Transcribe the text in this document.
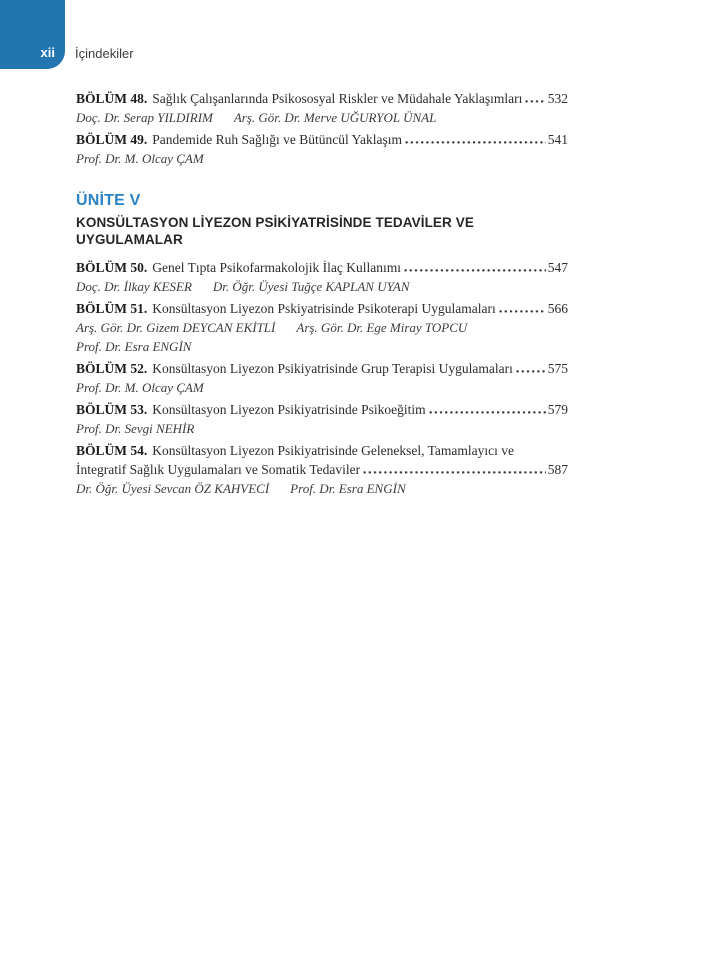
xii İçindekiler
BÖLÜM 48. Sağlık Çalışanlarında Psikososyal Riskler ve Müdahale Yaklaşımları 532
Doç. Dr. Serap YILDIRIM Arş. Gör. Dr. Merve UĞURYOL ÜNAL
BÖLÜM 49. Pandemide Ruh Sağlığı ve Bütüncül Yaklaşım	541
Prof. Dr. M. Olcay ÇAM
ÜNİTE V
KONSÜLTASYON LİYEZON PSİKİYATRİSİNDE TEDAVİLER VE UYGULAMALAR
BÖLÜM 50. Genel Tıpta Psikofarmakolojik İlaç Kullanımı	547
Doç. Dr. İlkay KESER Dr. Öğr. Üyesi Tuğçe KAPLAN UYAN
BÖLÜM 51. Konsültasyon Liyezon Pskiyatrisinde Psikoterapi Uygulamaları	566
Arş. Gör. Dr. Gizem DEYCAN EKİTLİ Arş. Gör. Dr. Ege Miray TOPCU
Prof. Dr. Esra ENGİN
BÖLÜM 52. Konsültasyon Liyezon Psikiyatrisinde Grup Terapisi Uygulamaları	575
Prof. Dr. M. Olcay ÇAM
BÖLÜM 53. Konsültasyon Liyezon Psikiyatrisinde Psikoeğitim	579
Prof. Dr. Sevgi NEHİR
BÖLÜM 54. Konsültasyon Liyezon Psikiyatrisinde Geleneksel, Tamamlayıcı ve
İntegratif Sağlık Uygulamaları ve Somatik Tedaviler	587
Dr. Öğr. Üyesi Sevcan ÖZ KAHVECİ Prof. Dr. Esra ENGİN
